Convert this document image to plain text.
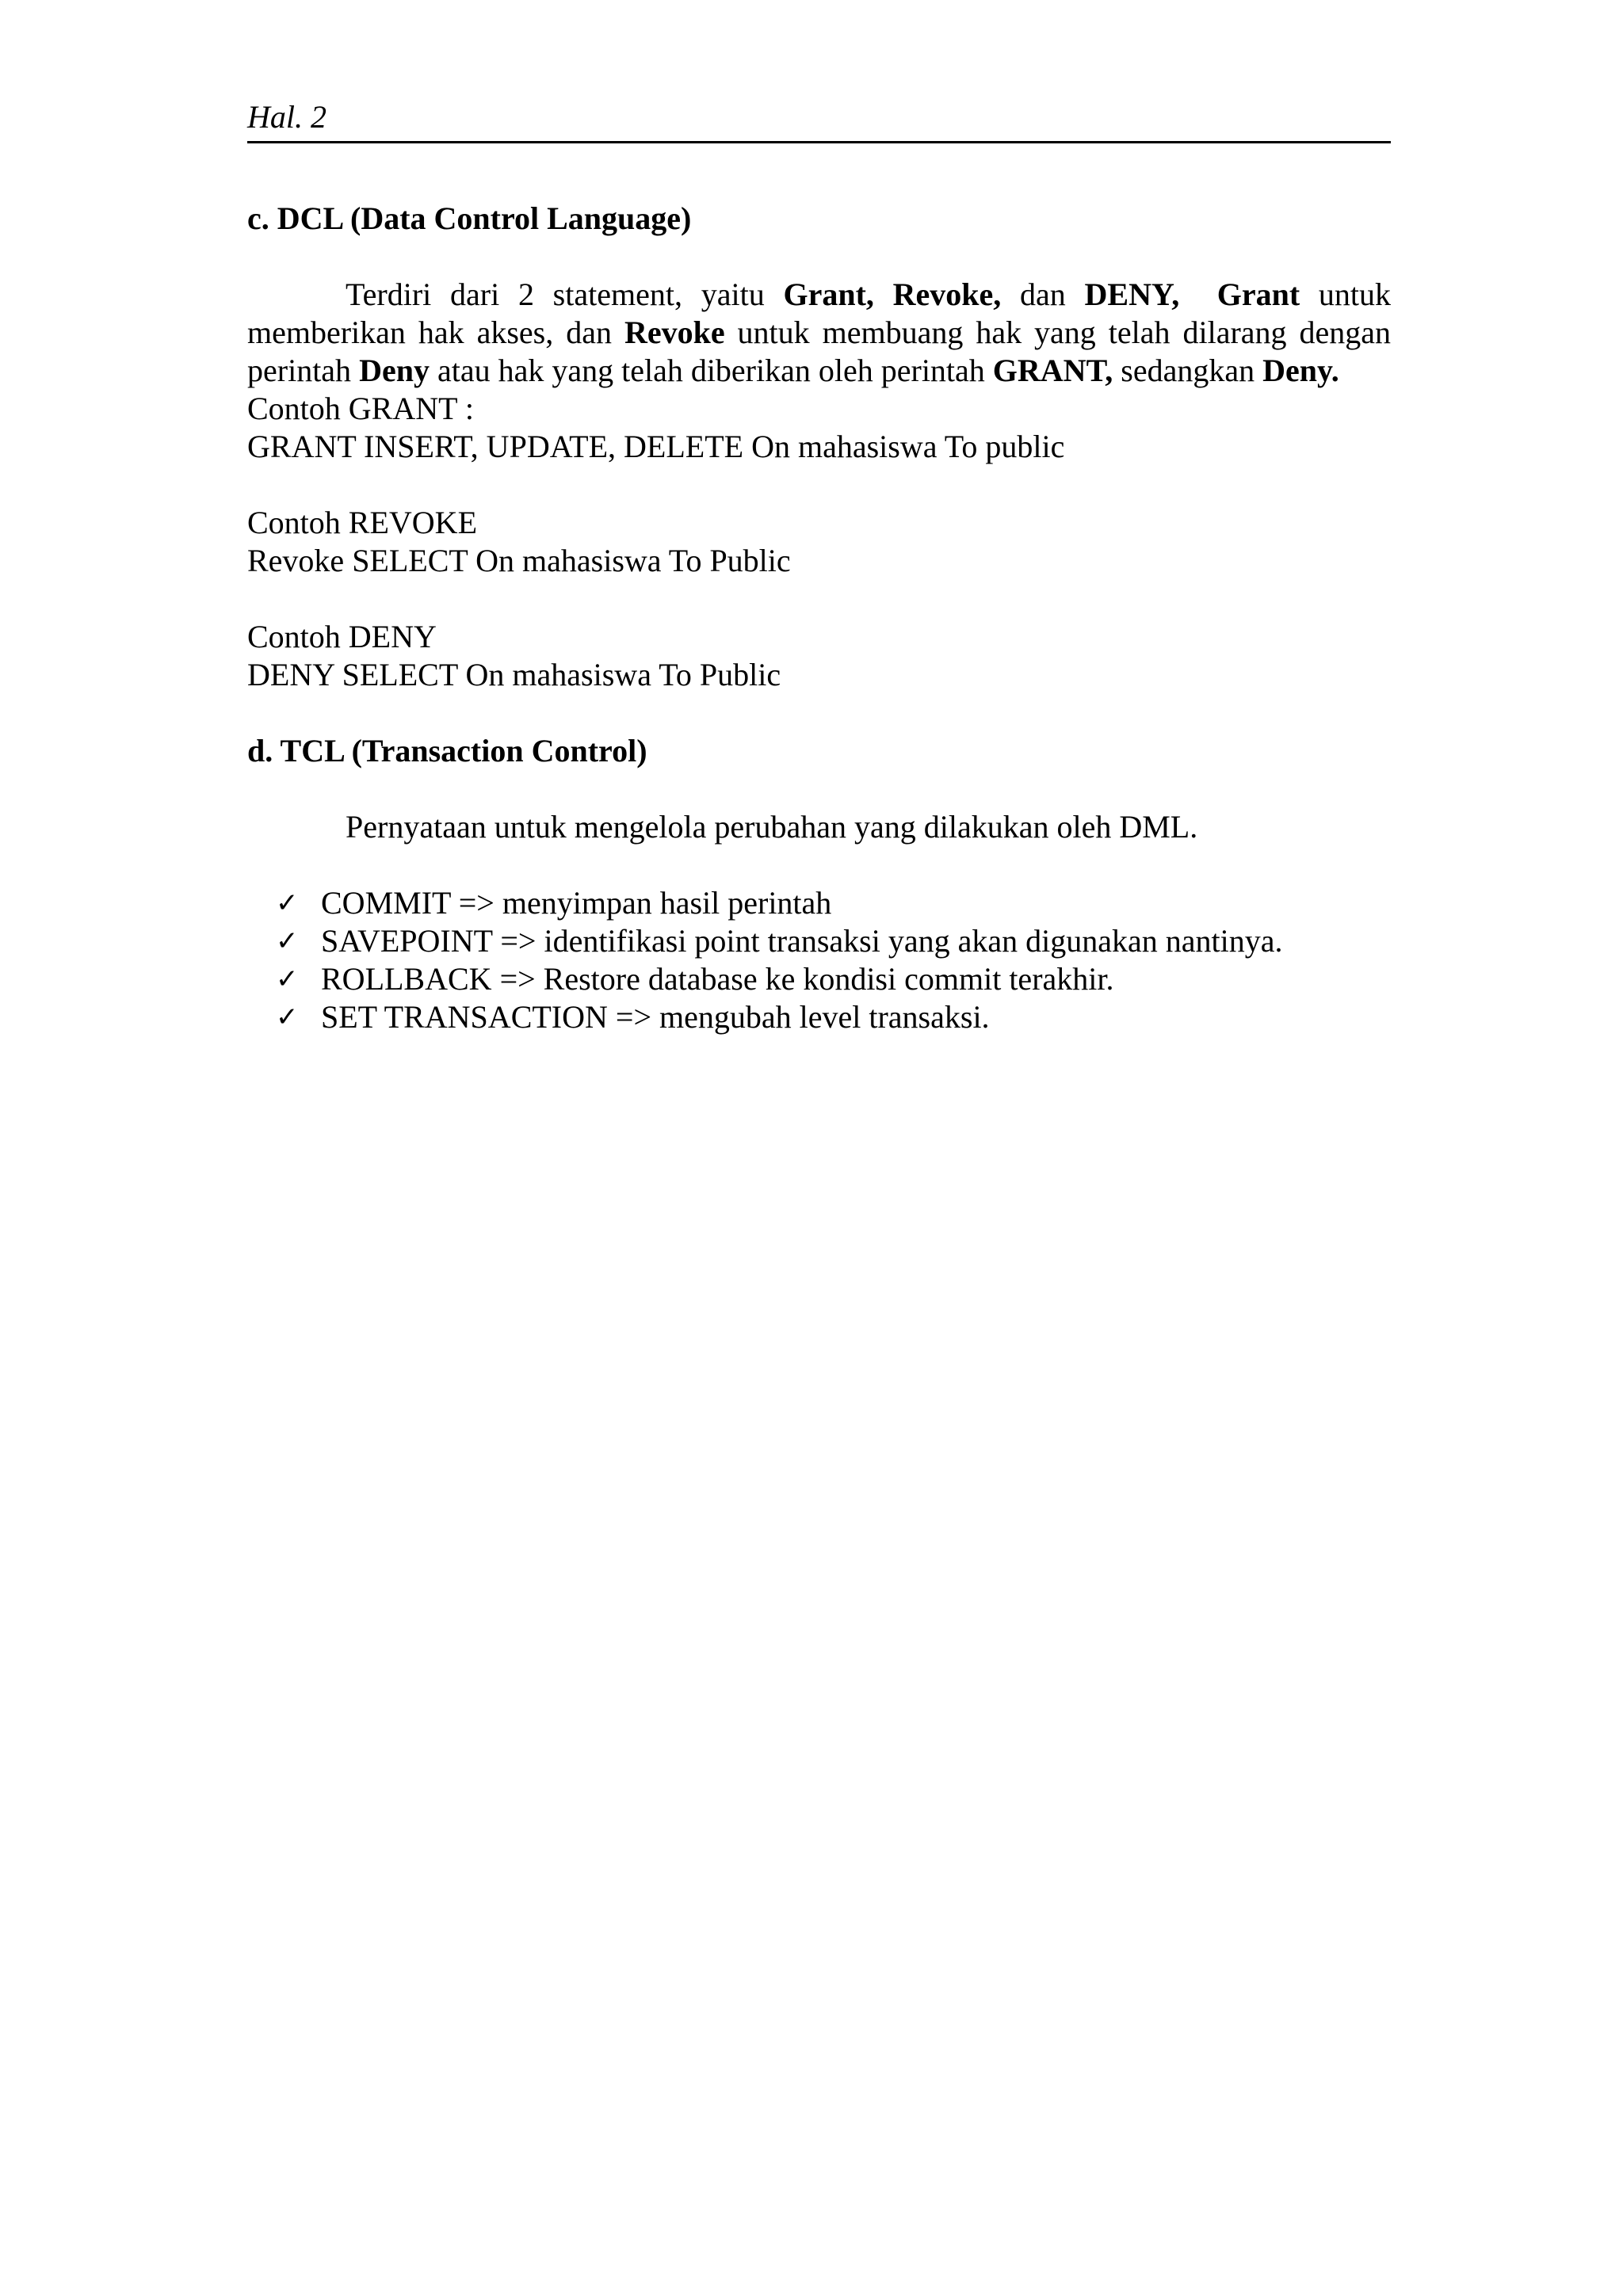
Hal. 2

c. DCL (Data Control Language)

Terdiri dari 2 statement, yaitu Grant, Revoke, dan DENY, Grant untuk memberikan hak akses, dan Revoke untuk membuang hak yang telah dilarang dengan perintah Deny atau hak yang telah diberikan oleh perintah GRANT, sedangkan Deny.

Contoh GRANT :

GRANT INSERT, UPDATE, DELETE On mahasiswa To public

Contoh REVOKE

Revoke SELECT On mahasiswa To Public

Contoh DENY

DENY SELECT On mahasiswa To Public

d. TCL (Transaction Control)

Pernyataan untuk mengelola perubahan yang dilakukan oleh DML.

✓ COMMIT => menyimpan hasil perintah
✓ SAVEPOINT => identifikasi point transaksi yang akan digunakan nantinya.
✓ ROLLBACK => Restore database ke kondisi commit terakhir.
✓ SET TRANSACTION => mengubah level transaksi.
